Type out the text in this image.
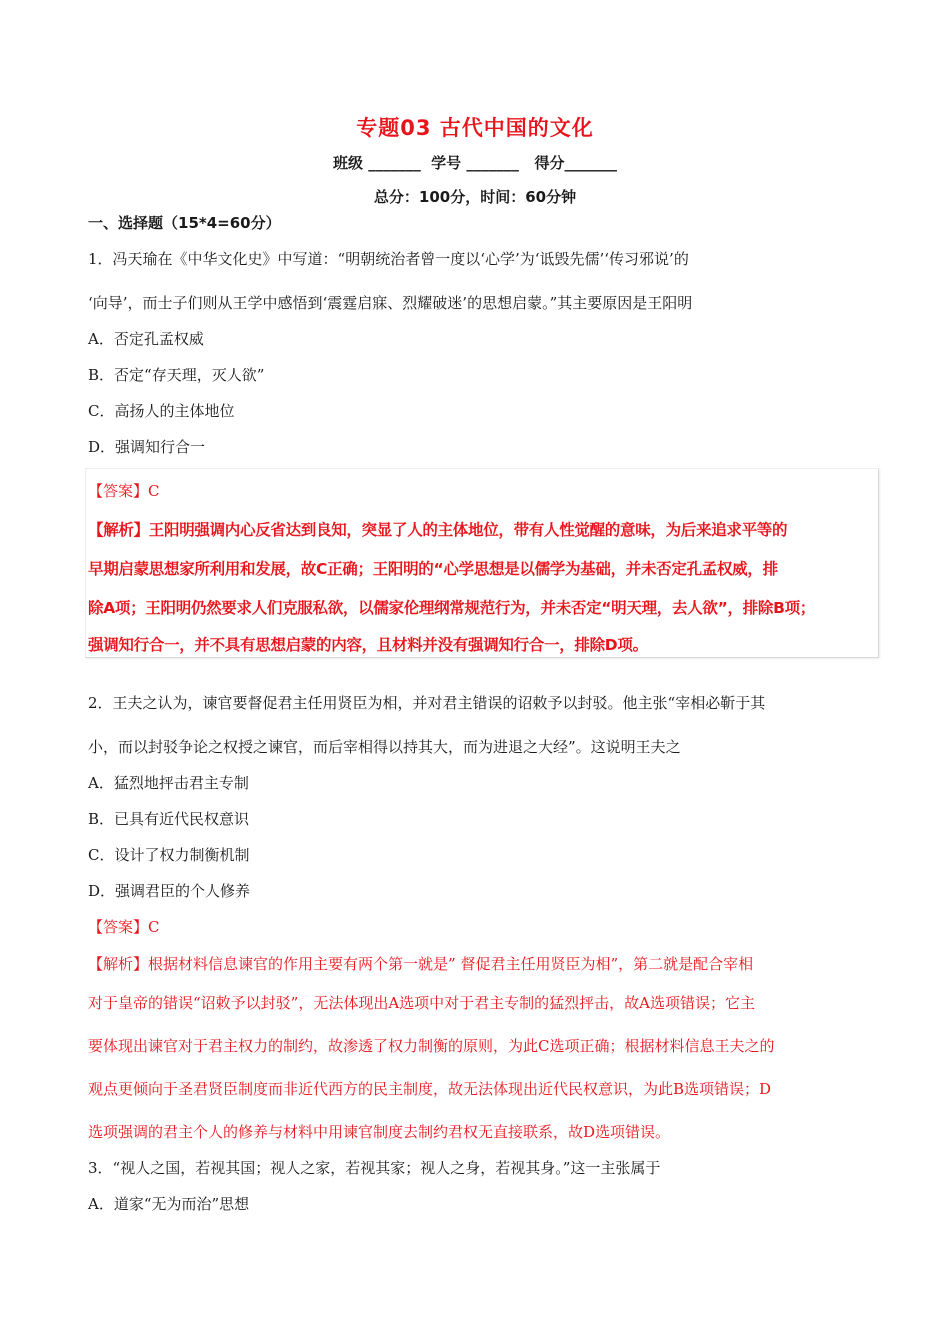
专题03 古代中国的文化
班级 _______  学号 _______   得分_______
总分：100分，时间：60分钟
一、选择题（15*4=60分）
1．冯天瑜在《中华文化史》中写道：“明朝统治者曾一度以‘心学’为‘诋毁先儒’‘传习邪说’的
‘向导’，而士子们则从王学中感悟到‘震霆启寐、烈耀破迷’的思想启蒙。”其主要原因是王阳明
A．否定孔孟权威
B．否定“存天理，灭人欲”
C．高扬人的主体地位
D．强调知行合一
【答案】C
【解析】王阳明强调内心反省达到良知，突显了人的主体地位，带有人性觉醒的意味，为后来追求平等的
早期启蒙思想家所利用和发展，故C正确；王阳明的“心学思想是以儒学为基础，并未否定孔孟权威，排
除A项；王阳明仍然要求人们克服私欲，以儒家伦理纲常规范行为，并未否定“明天理，去人欲”，排除B项；
强调知行合一，并不具有思想启蒙的内容，且材料并没有强调知行合一，排除D项。
2．王夫之认为，谏官要督促君主任用贤臣为相，并对君主错误的诏敕予以封驳。他主张“宰相必靳于其
小，而以封驳争论之权授之谏官，而后宰相得以持其大，而为进退之大经”。这说明王夫之
A．猛烈地抨击君主专制
B．已具有近代民权意识
C．设计了权力制衡机制
D．强调君臣的个人修养
【答案】C
【解析】根据材料信息谏官的作用主要有两个第一就是” 督促君主任用贤臣为相”，第二就是配合宰相
对于皇帝的错误“诏敕予以封驳”，无法体现出A选项中对于君主专制的猛烈抨击，故A选项错误；它主
要体现出谏官对于君主权力的制约，故渗透了权力制衡的原则，为此C选项正确；根据材料信息王夫之的
观点更倾向于圣君贤臣制度而非近代西方的民主制度，故无法体现出近代民权意识，为此B选项错误；D
选项强调的君主个人的修养与材料中用谏官制度去制约君权无直接联系，故D选项错误。
3．“视人之国，若视其国；视人之家，若视其家；视人之身，若视其身。”这一主张属于
A．道家“无为而治”思想
